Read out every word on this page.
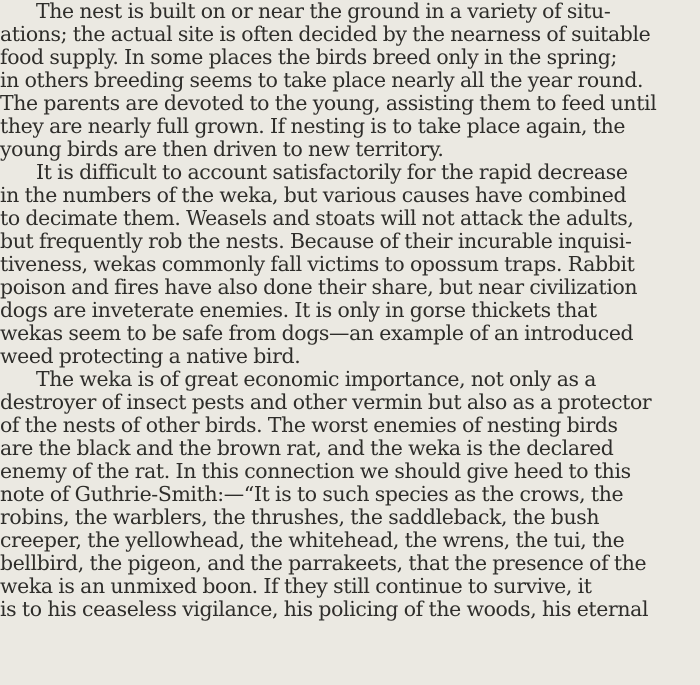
The nest is built on or near the ground in a variety of situ-
ations; the actual site is often decided by the nearness of suitable
food supply. In some places the birds breed only in the spring;
in others breeding seems to take place nearly all the year round.
The parents are devoted to the young, assisting them to feed until
they are nearly full grown. If nesting is to take place again, the
young birds are then driven to new territory.
It is difficult to account satisfactorily for the rapid decrease
in the numbers of the weka, but various causes have combined
to decimate them. Weasels and stoats will not attack the adults,
but frequently rob the nests. Because of their incurable inquisi-
tiveness, wekas commonly fall victims to opossum traps. Rabbit
poison and fires have also done their share, but near civilization
dogs are inveterate enemies. It is only in gorse thickets that
wekas seem to be safe from dogs—an example of an introduced
weed protecting a native bird.
The weka is of great economic importance, not only as a
destroyer of insect pests and other vermin but also as a protector
of the nests of other birds. The worst enemies of nesting birds
are the black and the brown rat, and the weka is the declared
enemy of the rat. In this connection we should give heed to this
note of Guthrie-Smith:—“It is to such species as the crows, the
robins, the warblers, the thrushes, the saddleback, the bush
creeper, the yellowhead, the whitehead, the wrens, the tui, the
bellbird, the pigeon, and the parrakeets, that the presence of the
weka is an unmixed boon. If they still continue to survive, it
is to his ceaseless vigilance, his policing of the woods, his eternal
